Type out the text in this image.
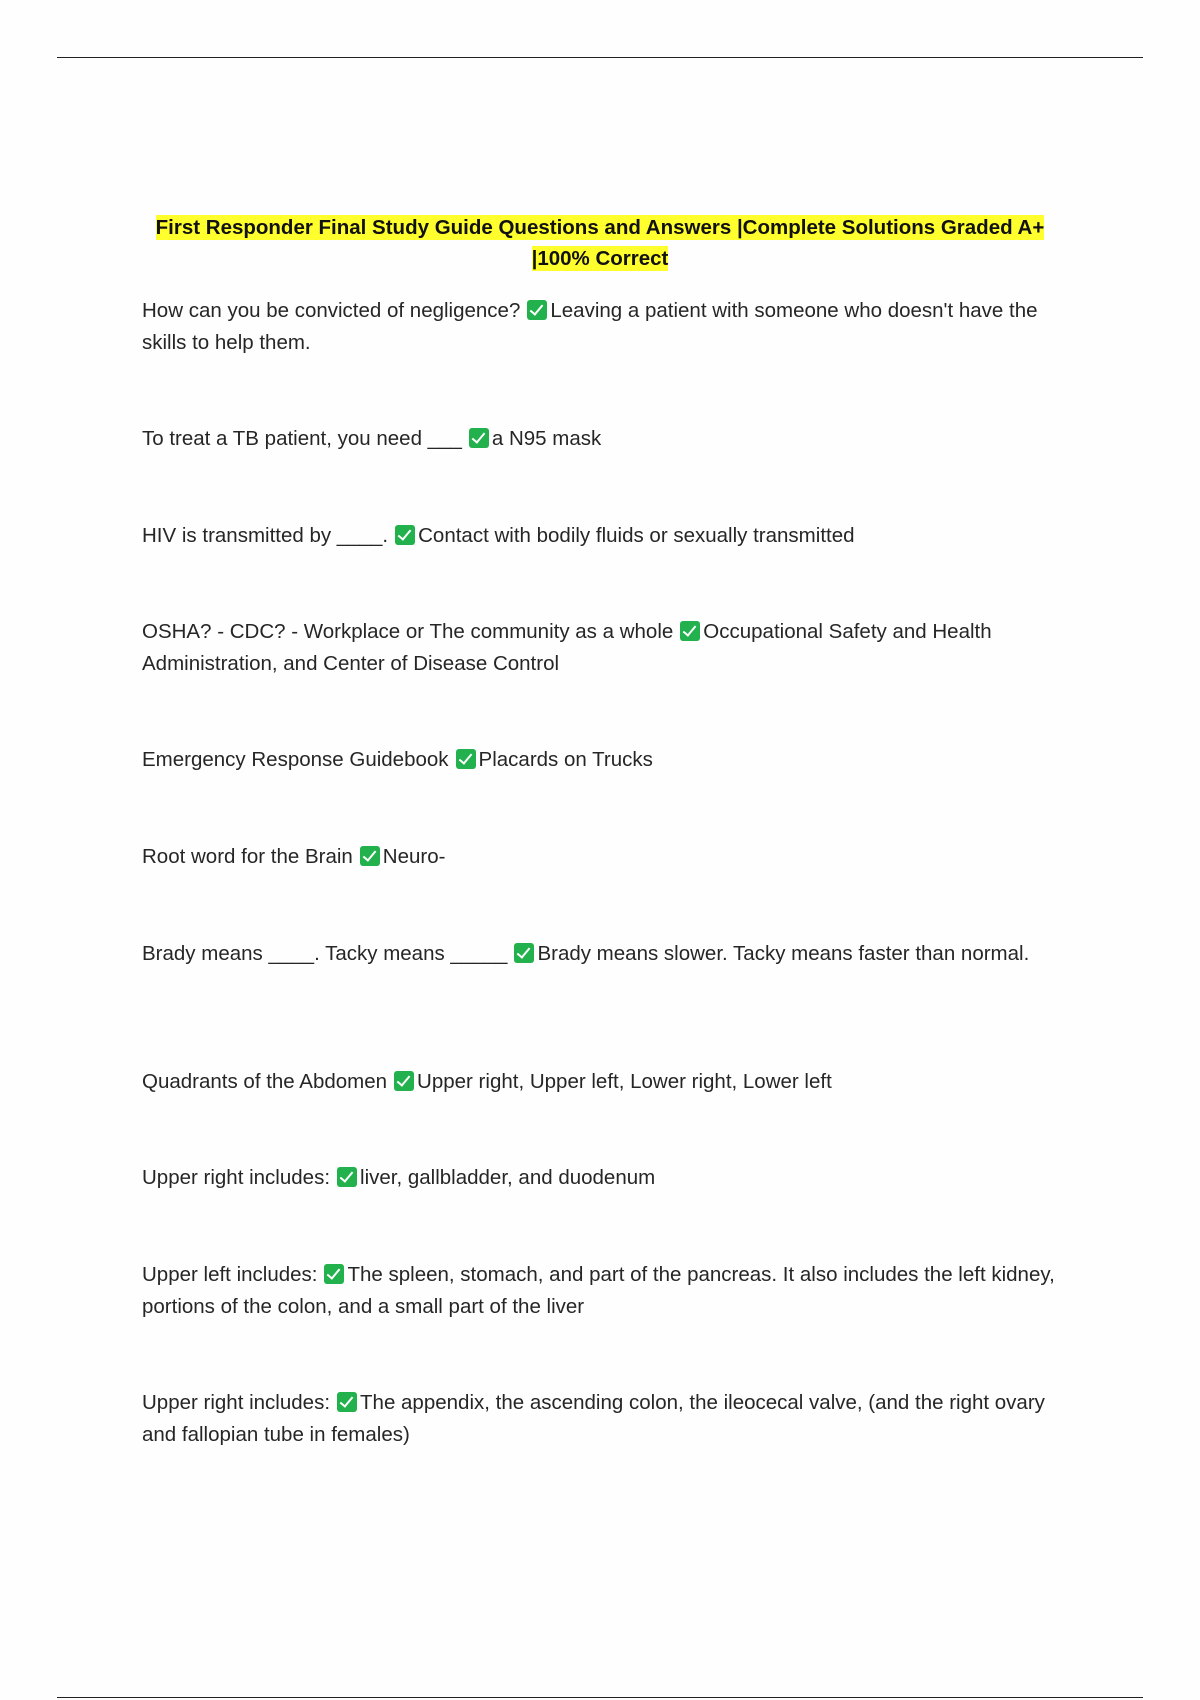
First Responder Final Study Guide Questions and Answers |Complete Solutions Graded A+
|100% Correct
How can you be convicted of negligence? Leaving a patient with someone who doesn't have the skills to help them.
To treat a TB patient, you need ___ a N95 mask
HIV is transmitted by ____. Contact with bodily fluids or sexually transmitted
OSHA? - CDC? - Workplace or The community as a whole Occupational Safety and Health Administration, and Center of Disease Control
Emergency Response Guidebook Placards on Trucks
Root word for the Brain Neuro-
Brady means ____. Tacky means _____ Brady means slower. Tacky means faster than normal.
Quadrants of the Abdomen Upper right, Upper left, Lower right, Lower left
Upper right includes: liver, gallbladder, and duodenum
Upper left includes: The spleen, stomach, and part of the pancreas. It also includes the left kidney, portions of the colon, and a small part of the liver
Upper right includes: The appendix, the ascending colon, the ileocecal valve, (and the right ovary and fallopian tube in females)
